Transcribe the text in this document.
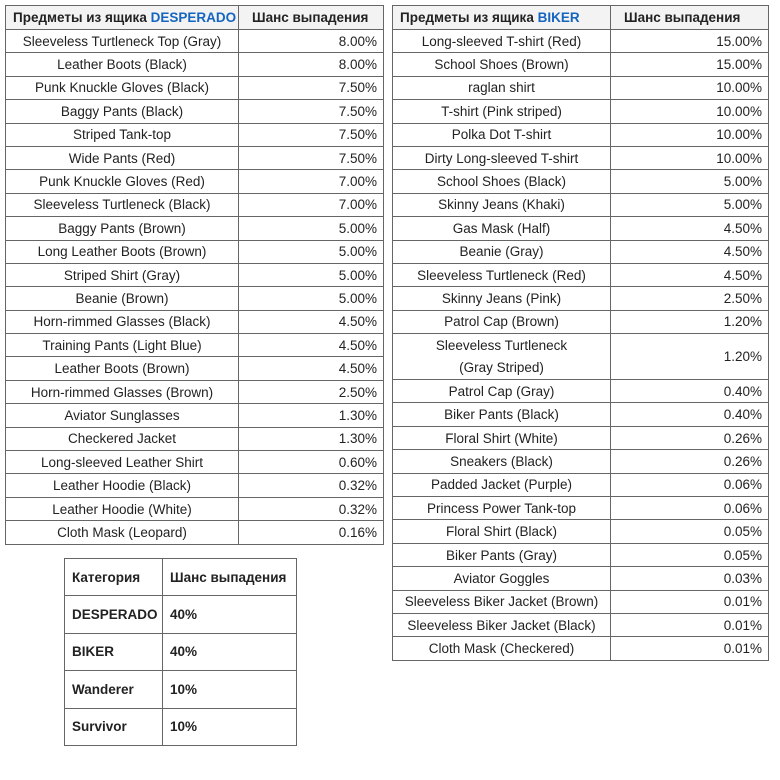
Предметы из ящика DESPERADO	Шанс выпадения
Sleeveless Turtleneck Top (Gray)	8.00%
Leather Boots (Black)	8.00%
Punk Knuckle Gloves (Black)	7.50%
Baggy Pants (Black)	7.50%
Striped Tank-top	7.50%
Wide Pants (Red)	7.50%
Punk Knuckle Gloves (Red)	7.00%
Sleeveless Turtleneck (Black)	7.00%
Baggy Pants (Brown)	5.00%
Long Leather Boots (Brown)	5.00%
Striped Shirt (Gray)	5.00%
Beanie (Brown)	5.00%
Horn-rimmed Glasses (Black)	4.50%
Training Pants (Light Blue)	4.50%
Leather Boots (Brown)	4.50%
Horn-rimmed Glasses (Brown)	2.50%
Aviator Sunglasses	1.30%
Checkered Jacket	1.30%
Long-sleeved Leather Shirt	0.60%
Leather Hoodie (Black)	0.32%
Leather Hoodie (White)	0.32%
Cloth Mask (Leopard)	0.16%
Предметы из ящика BIKER	Шанс выпадения
Long-sleeved T-shirt (Red)	15.00%
School Shoes (Brown)	15.00%
raglan shirt	10.00%
T-shirt (Pink striped)	10.00%
Polka Dot T-shirt	10.00%
Dirty Long-sleeved T-shirt	10.00%
School Shoes (Black)	5.00%
Skinny Jeans (Khaki)	5.00%
Gas Mask (Half)	4.50%
Beanie (Gray)	4.50%
Sleeveless Turtleneck (Red)	4.50%
Skinny Jeans (Pink)	2.50%
Patrol Cap (Brown)	1.20%
Sleeveless Turtleneck
(Gray Striped)	1.20%
Patrol Cap (Gray)	0.40%
Biker Pants (Black)	0.40%
Floral Shirt (White)	0.26%
Sneakers (Black)	0.26%
Padded Jacket (Purple)	0.06%
Princess Power Tank-top	0.06%
Floral Shirt (Black)	0.05%
Biker Pants (Gray)	0.05%
Aviator Goggles	0.03%
Sleeveless Biker Jacket (Brown)	0.01%
Sleeveless Biker Jacket (Black)	0.01%
Cloth Mask (Checkered)	0.01%
Категория	Шанс выпадения
DESPERADO	40%
BIKER	40%
Wanderer	10%
Survivor	10%
